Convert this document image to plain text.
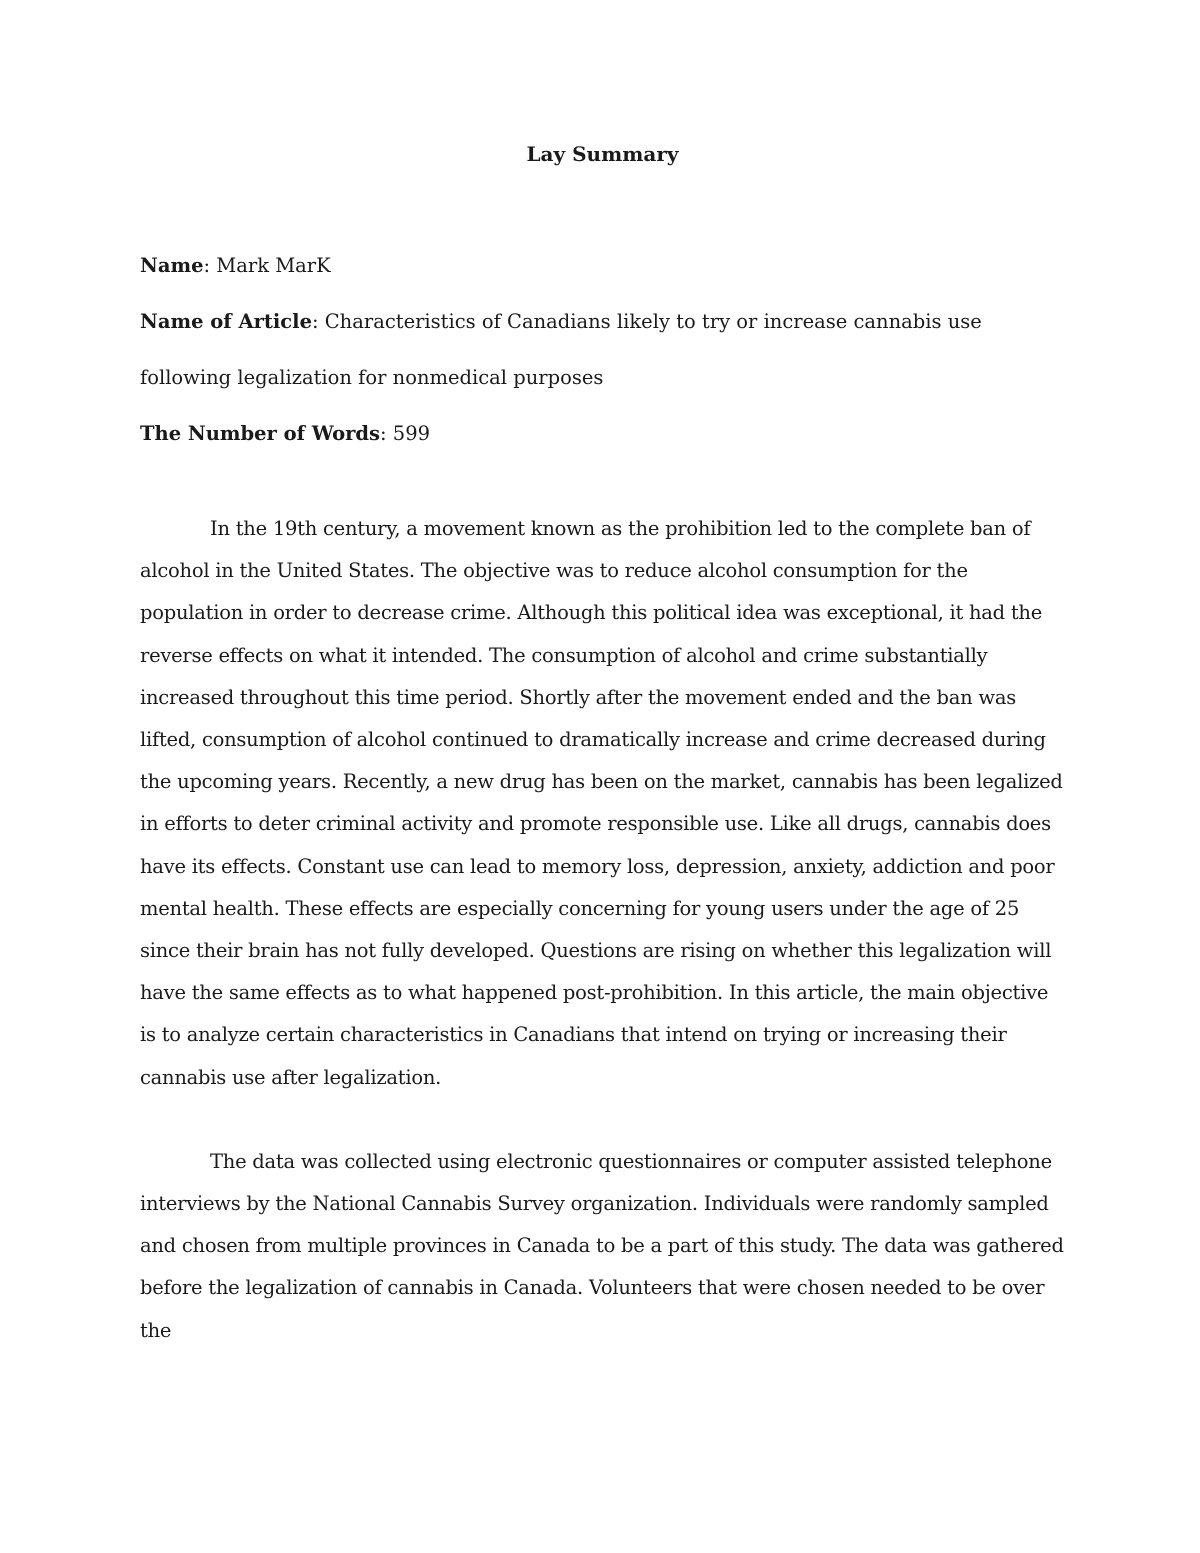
Lay Summary

Name: Mark MarK

Name of Article: Characteristics of Canadians likely to try or increase cannabis use following legalization for nonmedical purposes

The Number of Words: 599

In the 19th century, a movement known as the prohibition led to the complete ban of alcohol in the United States. The objective was to reduce alcohol consumption for the population in order to decrease crime. Although this political idea was exceptional, it had the reverse effects on what it intended. The consumption of alcohol and crime substantially increased throughout this time period. Shortly after the movement ended and the ban was lifted, consumption of alcohol continued to dramatically increase and crime decreased during the upcoming years. Recently, a new drug has been on the market, cannabis has been legalized in efforts to deter criminal activity and promote responsible use. Like all drugs, cannabis does have its effects. Constant use can lead to memory loss, depression, anxiety, addiction and poor mental health. These effects are especially concerning for young users under the age of 25 since their brain has not fully developed. Questions are rising on whether this legalization will have the same effects as to what happened post-prohibition. In this article, the main objective is to analyze certain characteristics in Canadians that intend on trying or increasing their cannabis use after legalization.

The data was collected using electronic questionnaires or computer assisted telephone interviews by the National Cannabis Survey organization. Individuals were randomly sampled and chosen from multiple provinces in Canada to be a part of this study. The data was gathered before the legalization of cannabis in Canada. Volunteers that were chosen needed to be over the
